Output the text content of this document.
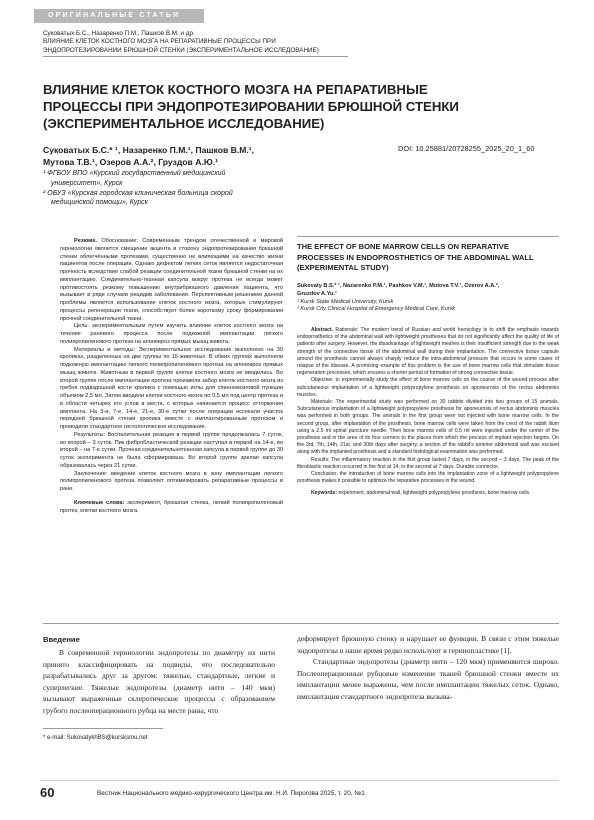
ОРИГИНАЛЬНЫЕ СТАТЬИ
Суковатых Б.С., Назаренко П.М., Пашков В.М. и др.
ВЛИЯНИЕ КЛЕТОК КОСТНОГО МОЗГА НА РЕПАРАТИВНЫЕ ПРОЦЕССЫ ПРИ
ЭНДОПРОТЕЗИРОВАНИИ БРЮШНОЙ СТЕНКИ (ЭКСПЕРИМЕНТАЛЬНОЕ ИССЛЕДОВАНИЕ)
ВЛИЯНИЕ КЛЕТОК КОСТНОГО МОЗГА НА РЕПАРАТИВНЫЕ
ПРОЦЕССЫ ПРИ ЭНДОПРОТЕЗИРОВАНИИ БРЮШНОЙ СТЕНКИ
(ЭКСПЕРИМЕНТАЛЬНОЕ ИССЛЕДОВАНИЕ)
Суковатых Б.С.* ¹, Назаренко П.М.¹, Пашков В.М.¹,
Мутова Т.В.¹, Озеров А.А.², Груздов А.Ю.¹
DOI: 10.25881/20728255_2025_20_1_60
¹ ФГБОУ ВПО «Курский государственный медицинский
университет», Курск
² ОБУЗ «Курская городская клиническая больница скорой
медицинской помощи», Курск

Резюме. Обоснование: Современным трендом отечественной и мировой герниологии является смещение акцента в сторону эндопротезирования брюшной стенки облегчёнными протезами, существенно не влияющими на качество жизни пациентов после операции. Однако дефектом легких сеток является недостаточная прочность вследствие слабой реакции соединительной ткани брюшной стенки на их имплантацию. Соединительно-тканная капсула вокруг протеза не всегда может противостоять резкому повышению внутрибрюшного давления пациента, что вызывает в ряде случаев рецидив заболевания. Перспективным решением данной проблемы является использование клеток костного мозга, которые стимулируют процессы регенерации ткани, способствует более короткому сроку формирования прочной соединительной ткани.

Цель: экспериментальным путем изучить влияние клеток костного мозга на течение раневого процесса после подкожной имплантации легкого полипропиленового протеза на апоневроз прямых мышц живота.

Материалы и методы: Экспериментальное исследование выполнено на 30 кроликах, разделенных на две группы по 15 животных. В обеих группах выполняли подкожную имплантацию легкого полипропиленового протеза на апоневроз прямых мышц живота. Животным в первой группе клетки костного мозга не вводились. Во второй группе после имплантации протеза произвели забор клеток костного мозга из гребня подвздошной кости кролика с помощью иглы для спинномозговой пункции объемом 2,5 мл. Затем вводили клетки костного мозга по 0,5 мл под центр протеза и в области четырех его углов в места, с которых начинается процесс отторжения импланта. На 3-и, 7-е, 14-е, 21-е, 30-е сутки после операции иссекали участок передней брюшной стенки кролика вместе с имплантированным протезом и проводили стандартное гистологическое исследование.

Результаты: Воспалительная реакция в первой группе продолжалась 7 суток, во второй – 3 суток. Пик фибробластической реакции наступал в первой на 14-е, во второй – на 7-е сутки. Прочная соединительнотканная капсула в первой группе до 30 суток эксперимента не была сформирована. Во второй группе зрелая капсула образовалась через 21 сутки.

Заключение: введение клеток костного мозга в зону имплантации легкого полипропиленового протеза позволяет оптимизировать репаративные процессы в ране.

Ключевые слова: эксперимент, брюшная стенка, легкий полипропиленовый протез, клетки костного мозга.

THE EFFECT OF BONE MARROW CELLS ON REPARATIVE
PROCESSES IN ENDOPROSTHETICS OF THE ABDOMINAL WALL
(EXPERIMENTAL STUDY)
Sukovaty B.S.* ¹, Nazarenko P.M.¹, Pashkov V.M.¹, Mutova T.V.¹, Ozerov A.A.²,
Gruzdov A.Yu.¹
¹ Kursk State Medical University, Kursk
² Kursk City Clinical Hospital of Emergency Medical Care, Kursk

Abstract. Rationale: The modern trend of Russian and world herniology is to shift the emphasis towards endoprosthetics of the abdominal wall with lightweight prostheses that do not significantly affect the quality of life of patients after surgery. However, the disadvantage of lightweight meshes is their insufficient strength due to the weak strength of the connective tissue of the abdominal wall during their implantation. The connective tissue capsule around the prosthesis cannot always sharply reduce the intra-abdominal pressure that occurs in some cases of relapse of the disease. A promising example of this problem is the use of bone marrow cells that stimulate tissue regeneration processes, which ensures a shorter period of formation of strong connective tissue.

Objective: to experimentally study the effect of bone marrow cells on the course of the wound process after subcutaneous implantation of a lightweight polypropylene prosthesis on aponeurosis of the rectus abdominis muscles.

Materials: The experimental study was performed on 30 rabbits divided into two groups of 15 animals. Subcutaneous implantation of a lightweight polypropylene prosthesis for aponeurosis of rectus abdominis muscles was performed in both groups. The animals in the first group were not injected with bone marrow cells. In the second group, after implantation of the prosthesis, bone marrow cells were taken from the crest of the rabbit ilium using a 2.5 ml spinal puncture needle. Then bone marrow cells of 0.5 ml were injected under the center of the prosthesis and in the area of its four corners to the places from which the process of implant rejection begins. On the 3rd, 7th, 14th, 21st, and 30th days after surgery, a section of the rabbit's anterior abdominal wall was excised along with the implanted prosthesis and a standard histological examination was performed.

Results: The inflammatory reaction in the first group lasted 7 days, in the second – 3 days. The peak of the fibroblastic reaction occurred in the first at 14, in the second at 7 days. Durable connector.

Conclusion: the introduction of bone marrow cells into the implantation zone of a lightweight polypropylene prosthesis makes it possible to optimize the reparative processes in the wound.

Keywords: experiment, abdominal wall, lightweight polypropylene prosthesis, bone marrow cells.

Введение

В современной герниологии эндопротезы по диаметру их нити принято классифицировать на подвиды, что последовательно разрабатывались друг за другом: тяжелые, стандартные, легкие и суперлегкие. Тяжелые эндопротезы (диаметр нити – 140 мкм) вызывают выраженные склеротические процессы с образованием грубого послеоперационного рубца на месте раны, что

деформирует брюшную стенку и нарушает ее функции. В связи с этим тяжелые эндопротезы в наше время редко используют в герниопластике [1].

Стандартные эндопротезы (диаметр нити – 120 мкм) применяются широко. Послеоперационные рубцовые изменение тканей брюшной стенки вместе их имплантации менее выражены, чем после имплантации тяжелых сеток. Однако, имплантация стандартного эндопротеза вызыва-

* e-mail: SukovatykhBS@kursksmu.net
60	Вестник Национального медико-хирургического Центра им. Н.И. Пирогова 2025, т. 20, №1
